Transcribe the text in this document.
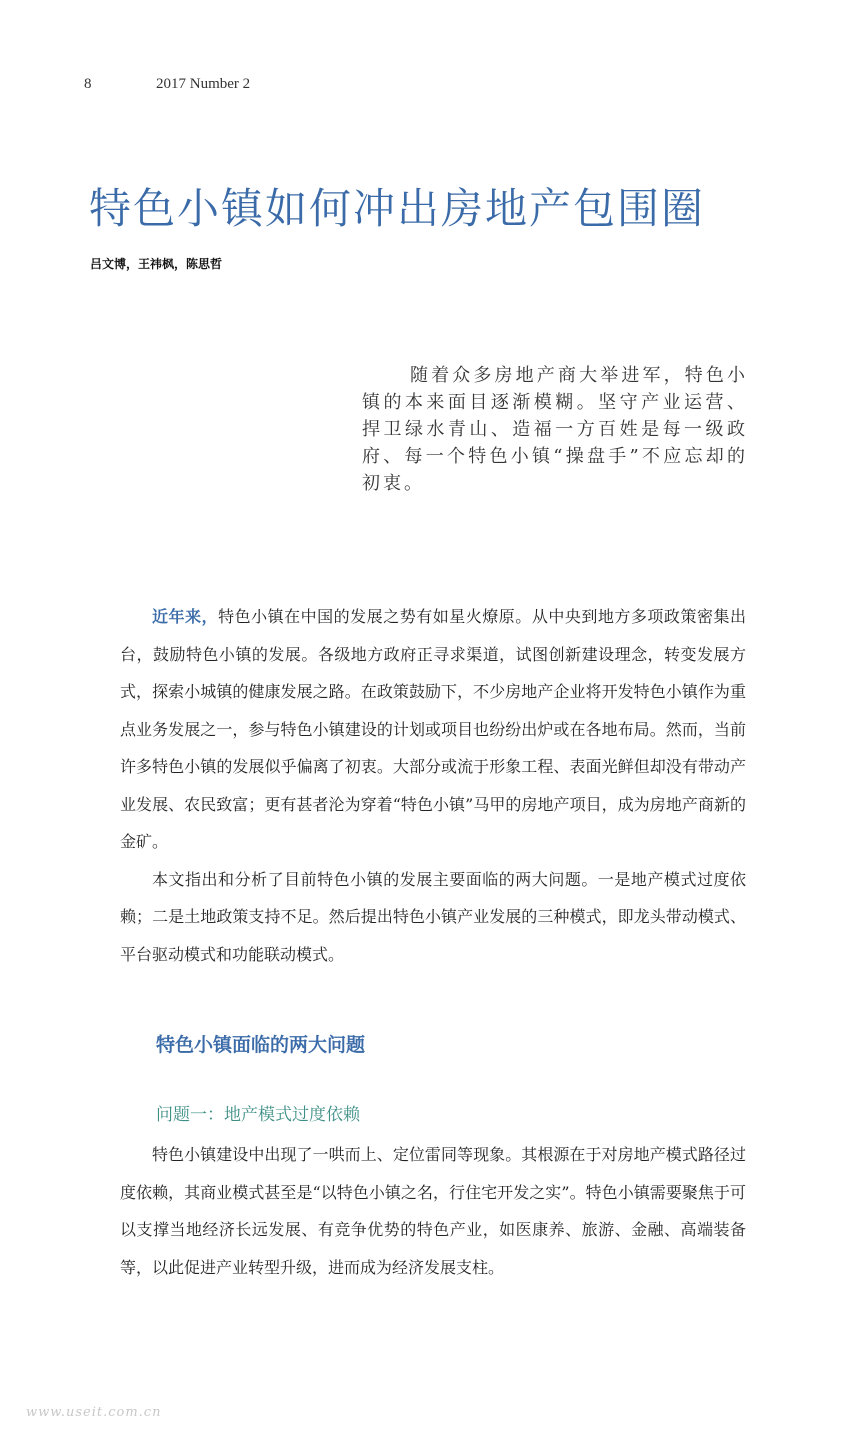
8	2017 Number 2
特色小镇如何冲出房地产包围圈
吕文博，王祎枫，陈思哲

随着众多房地产商大举进军，特色小镇的本来面目逐渐模糊。坚守产业运营、捍卫绿水青山、造福一方百姓是每一级政府、每一个特色小镇“操盘手”不应忘却的初衷。

近年来，特色小镇在中国的发展之势有如星火燎原。从中央到地方多项政策密集出台，鼓励特色小镇的发展。各级地方政府正寻求渠道，试图创新建设理念，转变发展方式，探索小城镇的健康发展之路。在政策鼓励下，不少房地产企业将开发特色小镇作为重点业务发展之一，参与特色小镇建设的计划或项目也纷纷出炉或在各地布局。然而，当前许多特色小镇的发展似乎偏离了初衷。大部分或流于形象工程、表面光鲜但却没有带动产业发展、农民致富；更有甚者沦为穿着“特色小镇”马甲的房地产项目，成为房地产商新的金矿。

本文指出和分析了目前特色小镇的发展主要面临的两大问题。一是地产模式过度依赖；二是土地政策支持不足。然后提出特色小镇产业发展的三种模式，即龙头带动模式、平台驱动模式和功能联动模式。

特色小镇面临的两大问题
问题一：地产模式过度依赖

特色小镇建设中出现了一哄而上、定位雷同等现象。其根源在于对房地产模式路径过度依赖，其商业模式甚至是“以特色小镇之名，行住宅开发之实”。特色小镇需要聚焦于可以支撑当地经济长远发展、有竞争优势的特色产业，如医康养、旅游、金融、高端装备等，以此促进产业转型升级，进而成为经济发展支柱。

www.useit.com.cn
